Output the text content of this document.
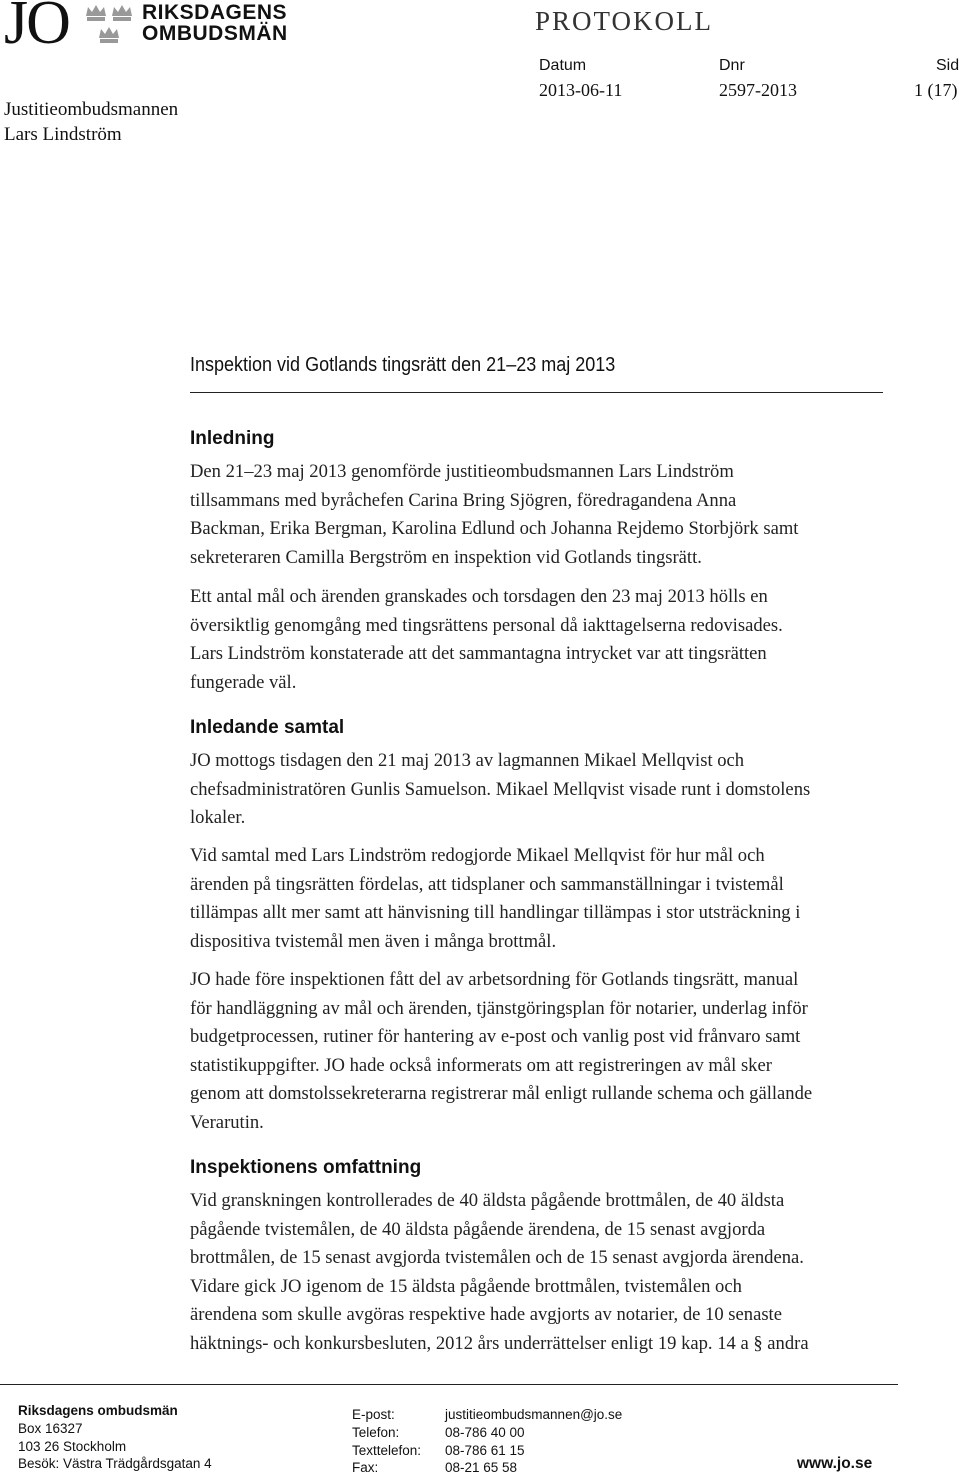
JO	RIKSDAGENS
OMBUDSMÄN
Justitieombudsmannen
Lars Lindström
PROTOKOLL
Datum
2013-06-11
Dnr
2597-2013
Sid
1 (17)
Inspektion vid Gotlands tingsrätt den 21–23 maj 2013
Inledning
Den 21–23 maj 2013 genomförde justitieombudsmannen Lars Lindström
tillsammans med byråchefen Carina Bring Sjögren, föredragandena Anna
Backman, Erika Bergman, Karolina Edlund och Johanna Rejdemo Storbjörk samt
sekreteraren Camilla Bergström en inspektion vid Gotlands tingsrätt.
Ett antal mål och ärenden granskades och torsdagen den 23 maj 2013 hölls en
översiktlig genomgång med tingsrättens personal då iakttagelserna redovisades.
Lars Lindström konstaterade att det sammantagna intrycket var att tingsrätten
fungerade väl.
Inledande samtal
JO mottogs tisdagen den 21 maj 2013 av lagmannen Mikael Mellqvist och
chefsadministratören Gunlis Samuelson. Mikael Mellqvist visade runt i domstolens
lokaler.
Vid samtal med Lars Lindström redogjorde Mikael Mellqvist för hur mål och
ärenden på tingsrätten fördelas, att tidsplaner och sammanställningar i tvistemål
tillämpas allt mer samt att hänvisning till handlingar tillämpas i stor utsträckning i
dispositiva tvistemål men även i många brottmål.
JO hade före inspektionen fått del av arbetsordning för Gotlands tingsrätt, manual
för handläggning av mål och ärenden, tjänstgöringsplan för notarier, underlag inför
budgetprocessen, rutiner för hantering av e-post och vanlig post vid frånvaro samt
statistikuppgifter. JO hade också informerats om att registreringen av mål sker
genom att domstolssekreterarna registrerar mål enligt rullande schema och gällande
Verarutin.
Inspektionens omfattning
Vid granskningen kontrollerades de 40 äldsta pågående brottmålen, de 40 äldsta
pågående tvistemålen, de 40 äldsta pågående ärendena, de 15 senast avgjorda
brottmålen, de 15 senast avgjorda tvistemålen och de 15 senast avgjorda ärendena.
Vidare gick JO igenom de 15 äldsta pågående brottmålen, tvistemålen och
ärendena som skulle avgöras respektive hade avgjorts av notarier, de 10 senaste
häktnings- och konkursbesluten, 2012 års underrättelser enligt 19 kap. 14 a § andra
Riksdagens ombudsmän
Box 16327
103 26 Stockholm
Besök: Västra Trädgårdsgatan 4
E-post:
Telefon:
Texttelefon:
Fax:
justitieombudsmannen@jo.se
08-786 40 00
08-786 61 15
08-21 65 58	www.jo.se
